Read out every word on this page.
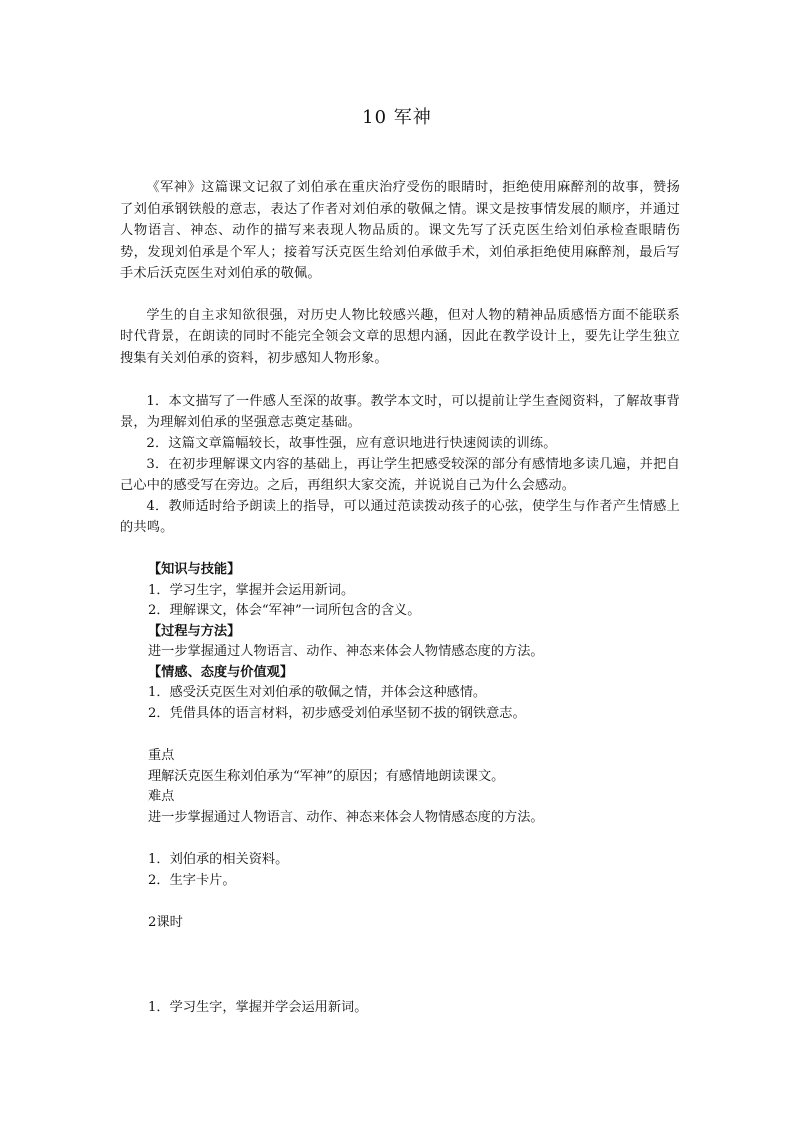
10 军神

《军神》这篇课文记叙了刘伯承在重庆治疗受伤的眼睛时，拒绝使用麻醉剂的故事，赞扬了刘伯承钢铁般的意志，表达了作者对刘伯承的敬佩之情。课文是按事情发展的顺序，并通过人物语言、神态、动作的描写来表现人物品质的。课文先写了沃克医生给刘伯承检查眼睛伤势，发现刘伯承是个军人；接着写沃克医生给刘伯承做手术，刘伯承拒绝使用麻醉剂，最后写手术后沃克医生对刘伯承的敬佩。

学生的自主求知欲很强，对历史人物比较感兴趣，但对人物的精神品质感悟方面不能联系时代背景，在朗读的同时不能完全领会文章的思想内涵，因此在教学设计上，要先让学生独立搜集有关刘伯承的资料，初步感知人物形象。

1．本文描写了一件感人至深的故事。教学本文时，可以提前让学生查阅资料，了解故事背景，为理解刘伯承的坚强意志奠定基础。

2．这篇文章篇幅较长，故事性强，应有意识地进行快速阅读的训练。

3．在初步理解课文内容的基础上，再让学生把感受较深的部分有感情地多读几遍，并把自己心中的感受写在旁边。之后，再组织大家交流，并说说自己为什么会感动。

4．教师适时给予朗读上的指导，可以通过范读拨动孩子的心弦，使学生与作者产生情感上的共鸣。

【知识与技能】

1．学习生字，掌握并会运用新词。

2．理解课文，体会“军神”一词所包含的含义。

【过程与方法】

进一步掌握通过人物语言、动作、神态来体会人物情感态度的方法。

【情感、态度与价值观】

1．感受沃克医生对刘伯承的敬佩之情，并体会这种感情。

2．凭借具体的语言材料，初步感受刘伯承坚韧不拔的钢铁意志。

重点

理解沃克医生称刘伯承为“军神”的原因；有感情地朗读课文。

难点

进一步掌握通过人物语言、动作、神态来体会人物情感态度的方法。

1．刘伯承的相关资料。

2．生字卡片。

2课时

1．学习生字，掌握并学会运用新词。
